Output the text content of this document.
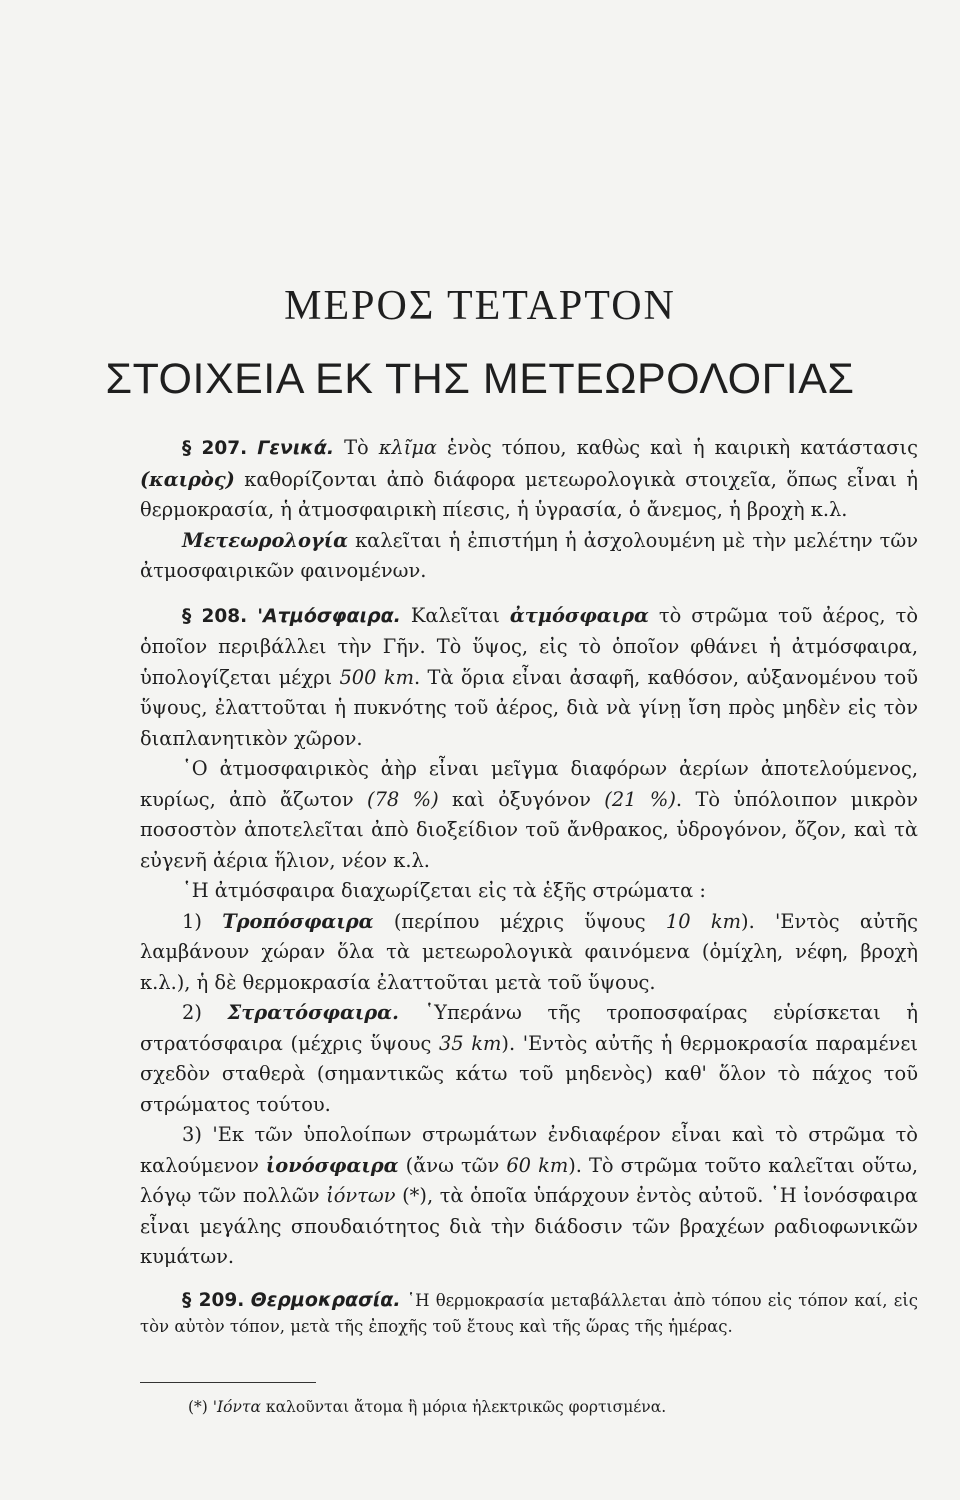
ΜΕΡΟΣ ΤΕΤΑΡΤΟΝ
ΣΤΟΙΧΕΙΑ ΕΚ ΤΗΣ ΜΕΤΕΩΡΟΛΟΓΙΑΣ

§ 207. Γενικά. Τὸ κλῖμα ἑνὸς τόπου, καθὼς καὶ ἡ καιρικὴ κατάστασις (καιρὸς) καθορίζονται ἀπὸ διάφορα μετεωρολογικὰ στοιχεῖα, ὅπως εἶναι ἡ θερμοκρασία, ἡ ἀτμοσφαιρικὴ πίεσις, ἡ ὑγρασία, ὁ ἄνεμος, ἡ βροχὴ κ.λ.

Μετεωρολογία καλεῖται ἡ ἐπιστήμη ἡ ἀσχολουμένη μὲ τὴν μελέτην τῶν ἀτμοσφαιρικῶν φαινομένων.

§ 208. 'Ατμόσφαιρα. Καλεῖται ἀτμόσφαιρα τὸ στρῶμα τοῦ ἀέρος, τὸ ὁποῖον περιβάλλει τὴν Γῆν. Τὸ ὕψος, εἰς τὸ ὁποῖον φθάνει ἡ ἀτμόσφαιρα, ὑπολογίζεται μέχρι 500 km. Τὰ ὅρια εἶναι ἀσαφῆ, καθόσον, αὐξανομένου τοῦ ὕψους, ἐλαττοῦται ἡ πυκνότης τοῦ ἀέρος, διὰ νὰ γίνῃ ἴση πρὸς μηδὲν εἰς τὸν διαπλανητικὸν χῶρον.

῾Ο ἀτμοσφαιρικὸς ἀὴρ εἶναι μεῖγμα διαφόρων ἀερίων ἀποτελούμενος, κυρίως, ἀπὸ ἄζωτον (78 %) καὶ ὀξυγόνον (21 %). Τὸ ὑπόλοιπον μικρὸν ποσοστὸν ἀποτελεῖται ἀπὸ διοξείδιον τοῦ ἄνθρακος, ὑδρογόνον, ὄζον, καὶ τὰ εὐγενῆ ἀέρια ἥλιον, νέον κ.λ.

῾Η ἀτμόσφαιρα διαχωρίζεται εἰς τὰ ἑξῆς στρώματα :

1) Τροπόσφαιρα (περίπου μέχρις ὕψους 10 km). 'Εντὸς αὐτῆς λαμβάνουν χώραν ὅλα τὰ μετεωρολογικὰ φαινόμενα (ὁμίχλη, νέφη, βροχὴ κ.λ.), ἡ δὲ θερμοκρασία ἐλαττοῦται μετὰ τοῦ ὕψους.

2) Στρατόσφαιρα. ῾Υπεράνω τῆς τροποσφαίρας εὑρίσκεται ἡ στρατόσφαιρα (μέχρις ὕψους 35 km). 'Εντὸς αὐτῆς ἡ θερμοκρασία παραμένει σχεδὸν σταθερὰ (σημαντικῶς κάτω τοῦ μηδενὸς) καθ' ὅλον τὸ πάχος τοῦ στρώματος τούτου.

3) 'Εκ τῶν ὑπολοίπων στρωμάτων ἐνδιαφέρον εἶναι καὶ τὸ στρῶμα τὸ καλούμενον ἰονόσφαιρα (ἄνω τῶν 60 km). Τὸ στρῶμα τοῦτο καλεῖται οὕτω, λόγῳ τῶν πολλῶν ἰόντων (*), τὰ ὁποῖα ὑπάρχουν ἐντὸς αὐτοῦ. ῾Η ἰονόσφαιρα εἶναι μεγάλης σπουδαιότητος διὰ τὴν διάδοσιν τῶν βραχέων ραδιοφωνικῶν κυμάτων.

§ 209. Θερμοκρασία. ῾Η θερμοκρασία μεταβάλλεται ἀπὸ τόπου εἰς τόπον καί, εἰς τὸν αὐτὸν τόπον, μετὰ τῆς ἐποχῆς τοῦ ἔτους καὶ τῆς ὥρας τῆς ἡμέρας.

(*) 'Ιόντα καλοῦνται ἄτομα ἢ μόρια ἠλεκτρικῶς φορτισμένα.
